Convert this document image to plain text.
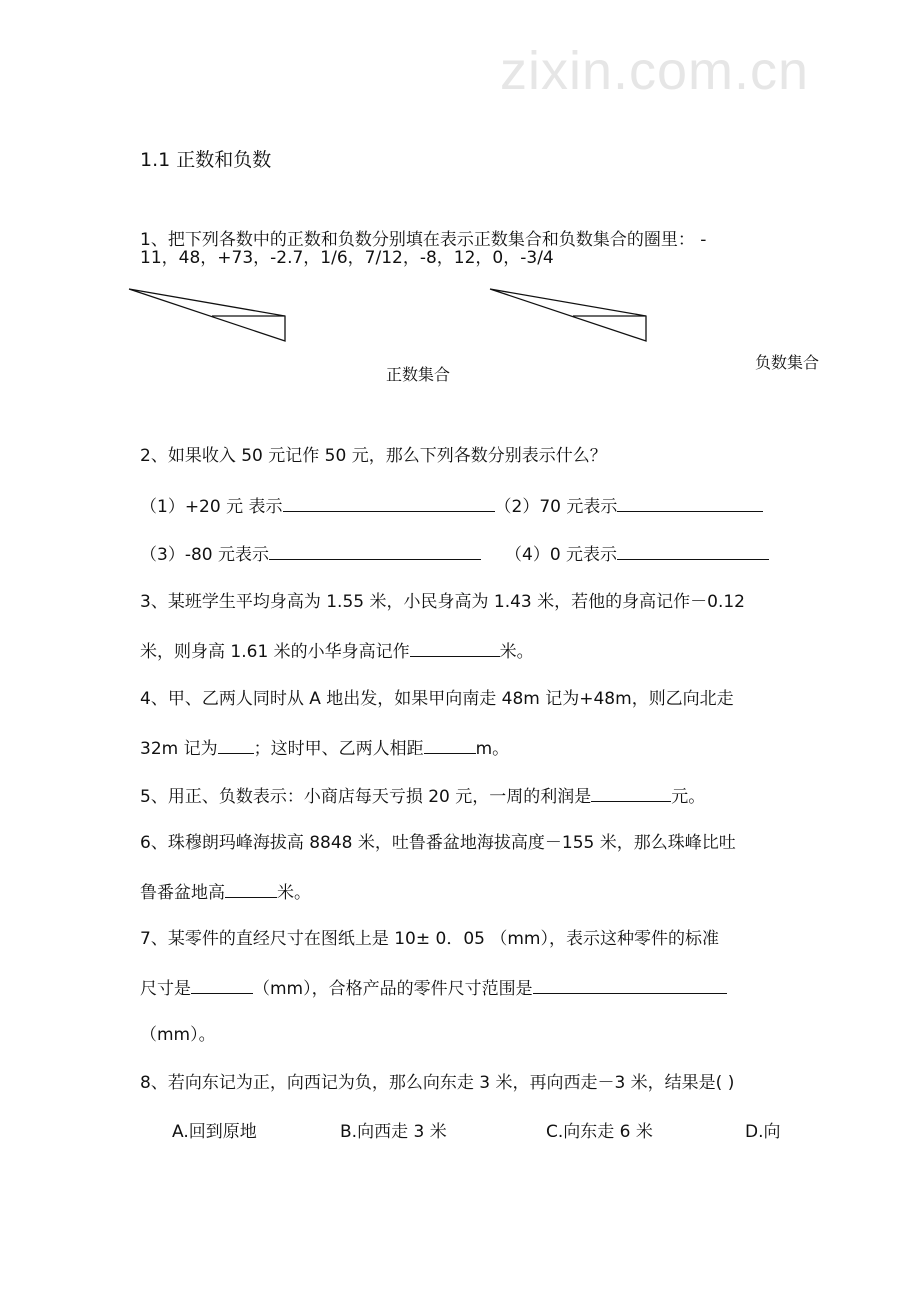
zixin.com.cn
1.1 正数和负数
1、把下列各数中的正数和负数分别填在表示正数集合和负数集合的圈里： -
11，48，+73，-2.7，1/6，7/12，-8，12，0，-3/4
正数集合
负数集合
2、如果收入 50 元记作 50 元，那么下列各数分别表示什么？
（1）+20 元 表示	（2）70 元表示
（3）-80 元表示	（4）0 元表示
3、某班学生平均身高为 1.55 米，小民身高为 1.43 米，若他的身高记作－0.12
米，则身高 1.61 米的小华身高记作	米。
4、甲、乙两人同时从 A 地出发，如果甲向南走 48m 记为+48m，则乙向北走
32m 记为 ；这时甲、乙两人相距	m。
5、用正、负数表示：小商店每天亏损 20 元，一周的利润是	元。
6、珠穆朗玛峰海拔高 8848 米，吐鲁番盆地海拔高度－155 米，那么珠峰比吐
鲁番盆地高	米。
7、某零件的直经尺寸在图纸上是 10± 0．05 （mm），表示这种零件的标准
尺寸是	（mm），合格产品的零件尺寸范围是
（mm）。
8、若向东记为正，向西记为负，那么向东走 3 米，再向西走－3 米，结果是( )
A.回到原地	B.向西走 3 米	C.向东走 6 米	D.向
